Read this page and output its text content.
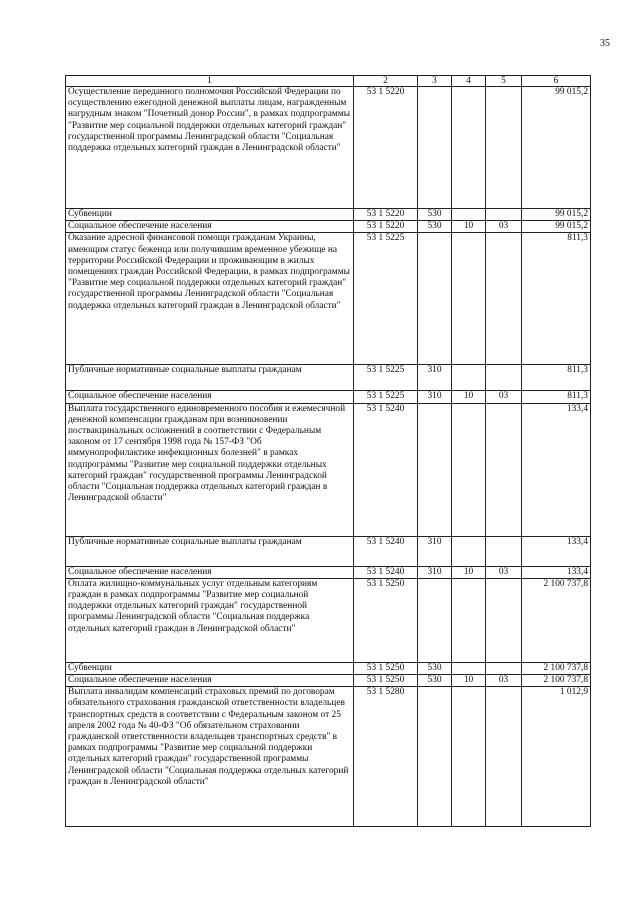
35
1	2	3	4	5	6
Осуществление переданного полномочия Российской Федерации по осуществлению ежегодной денежной выплаты лицам, награжденным нагрудным знаком "Почетный донор России", в рамках подпрограммы "Развитие мер социальной поддержки отдельных категорий граждан" государственной программы Ленинградской области "Социальная поддержка отдельных категорий граждан в Ленинградской области"	53 1 5220				99 015,2
Субвенции	53 1 5220	530			99 015,2
Социальное обеспечение населения	53 1 5220	530	10	03	99 015,2
Оказание адресной финансовой помощи гражданам Украины, имеющим статус беженца или получившим временное убежище на территории Российской Федерации и проживающим в жилых помещениях граждан Российской Федерации, в рамках подпрограммы "Развитие мер социальной поддержки отдельных категорий граждан" государственной программы Ленинградской области "Социальная поддержка отдельных категорий граждан в Ленинградской области"	53 1 5225				811,3
Публичные нормативные социальные выплаты гражданам	53 1 5225	310			811,3
Социальное обеспечение населения	53 1 5225	310	10	03	811,3
Выплата государственного единовременного пособия и ежемесячной денежной компенсации гражданам при возникновении поствакцинальных осложнений в соответствии с Федеральным законом от 17 сентября 1998 года № 157-ФЗ "Об иммунопрофилактике инфекционных болезней" в рамках подпрограммы "Развитие мер социальной поддержки отдельных категорий граждан" государственной программы Ленинградской области "Социальная поддержка отдельных категорий граждан в Ленинградской области"	53 1 5240				133,4
Публичные нормативные социальные выплаты гражданам	53 1 5240	310			133,4
Социальное обеспечение населения	53 1 5240	310	10	03	133,4
Оплата жилищно-коммунальных услуг отдельным категориям граждан в рамках подпрограммы "Развитие мер социальной поддержки отдельных категорий граждан" государственной программы Ленинградской области "Социальная поддержка отдельных категорий граждан в Ленинградской области"	53 1 5250				2 100 737,8
Субвенции	53 1 5250	530			2 100 737,8
Социальное обеспечение населения	53 1 5250	530	10	03	2 100 737,8
Выплата инвалидам компенсаций страховых премий по договорам обязательного страхования гражданской ответственности владельцев транспортных средств в соответствии с Федеральным законом от 25 апреля 2002 года № 40-ФЗ "Об обязательном страховании гражданской ответственности владельцев транспортных средств" в рамках подпрограммы "Развитие мер социальной поддержки отдельных категорий граждан" государственной программы Ленинградской области "Социальная поддержка отдельных категорий граждан в Ленинградской области"	53 1 5280				1 012,9
